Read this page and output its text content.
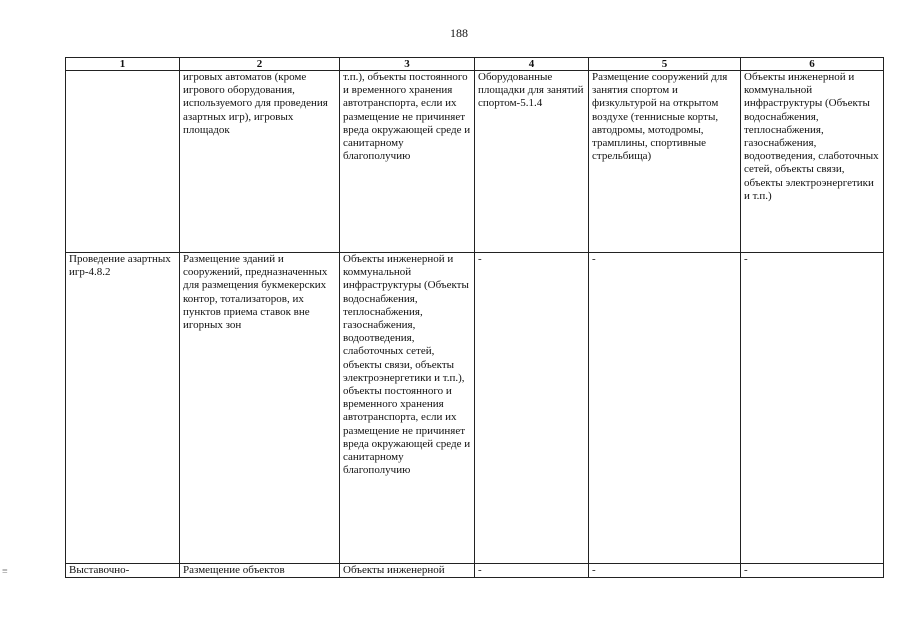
188
≡
1	2	3	4	5	6
	игровых автоматов (кроме игрового оборудования, используемого для проведения азартных игр), игровых площадок	т.п.), объекты постоянного и временного хранения автотранспорта, если их размещение не причиняет вреда окружающей среде и санитарному благополучию	Оборудованные площадки для занятий спортом-5.1.4	Размещение сооружений для занятия спортом и физкультурой на открытом воздухе (теннисные корты, автодромы, мотодромы, трамплины, спортивные стрельбища)	Объекты инженерной и коммунальной инфраструктуры (Объекты водоснабжения, теплоснабжения, газоснабжения, водоотведения, слаботочных сетей, объекты связи, объекты электроэнергетики и т.п.)
Проведение азартных игр-4.8.2	Размещение зданий и сооружений, предназначенных для размещения букмекерских контор, тотализаторов, их пунктов приема ставок вне игорных зон	Объекты инженерной и коммунальной инфраструктуры (Объекты водоснабжения, теплоснабжения, газоснабжения, водоотведения, слаботочных сетей, объекты связи, объекты электроэнергетики и т.п.), объекты постоянного и временного хранения автотранспорта, если их размещение не причиняет вреда окружающей среде и санитарному благополучию	-	-	-
Выставочно-	Размещение объектов	Объекты инженерной	-	-	-
